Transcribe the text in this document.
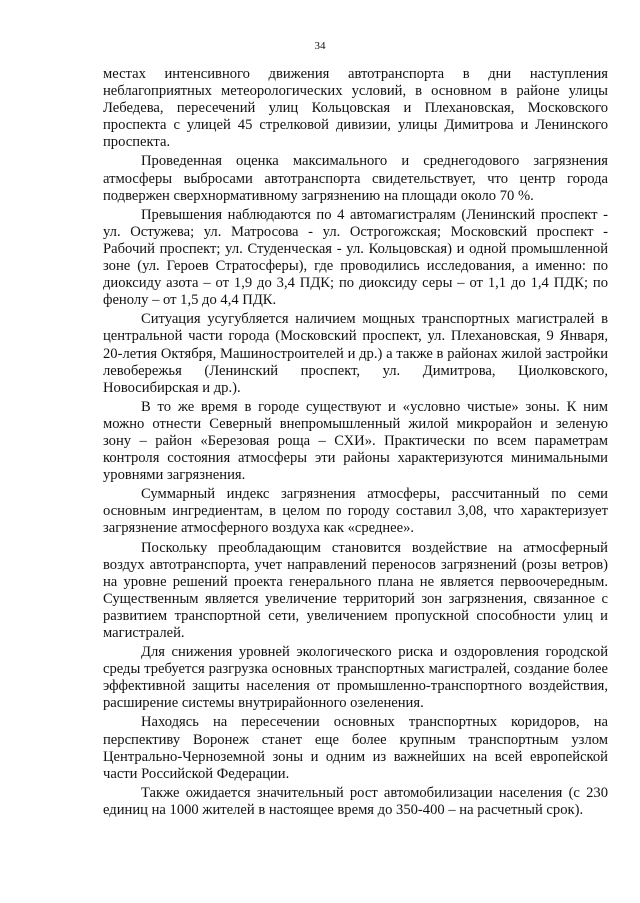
34

местах интенсивного движения автотранспорта в дни наступления неблагоприятных метеорологических условий, в основном в районе улицы Лебедева, пересечений улиц Кольцовская и Плехановская, Московского проспекта с улицей 45 стрелковой дивизии, улицы Димитрова и Ленинского проспекта.

Проведенная оценка максимального и среднегодового загрязнения атмосферы выбросами автотранспорта свидетельствует, что центр города подвержен сверхнормативному загрязнению на площади около 70 %.

Превышения наблюдаются по 4 автомагистралям (Ленинский проспект - ул. Остужева; ул. Матросова - ул. Острогожская; Московский проспект - Рабочий проспект; ул. Студенческая - ул. Кольцовская) и одной промышленной зоне (ул. Героев Стратосферы), где проводились исследования, а именно: по диоксиду азота – от 1,9 до 3,4 ПДК; по диоксиду серы – от 1,1 до 1,4 ПДК; по фенолу – от 1,5 до 4,4 ПДК.

Ситуация усугубляется наличием мощных транспортных магистралей в центральной части города (Московский проспект, ул. Плехановская, 9 Января, 20-летия Октября, Машиностроителей и др.) а также в районах жилой застройки левобережья (Ленинский проспект, ул. Димитрова, Циолковского, Новосибирская и др.).

В то же время в городе существуют и «условно чистые» зоны. К ним можно отнести Северный внепромышленный жилой микрорайон и зеленую зону – район «Березовая роща – СХИ». Практически по всем параметрам контроля состояния атмосферы эти районы характеризуются минимальными уровнями загрязнения.

Суммарный индекс загрязнения атмосферы, рассчитанный по семи основным ингредиентам, в целом по городу составил 3,08, что характеризует загрязнение атмосферного воздуха как «среднее».

Поскольку преобладающим становится воздействие на атмосферный воздух автотранспорта, учет направлений переносов загрязнений (розы ветров) на уровне решений проекта генерального плана не является первоочередным. Существенным является увеличение территорий зон загрязнения, связанное с развитием транспортной сети, увеличением пропускной способности улиц и магистралей.

Для снижения уровней экологического риска и оздоровления городской среды требуется разгрузка основных транспортных магистралей, создание более эффективной защиты населения от промышленно-транспортного воздействия, расширение системы внутрирайонного озеленения.

Находясь на пересечении основных транспортных коридоров, на перспективу Воронеж станет еще более крупным транспортным узлом Центрально-Черноземной зоны и одним из важнейших на всей европейской части Российской Федерации.

Также ожидается значительный рост автомобилизации населения (с 230 единиц на 1000 жителей в настоящее время до 350-400 – на расчетный срок).
